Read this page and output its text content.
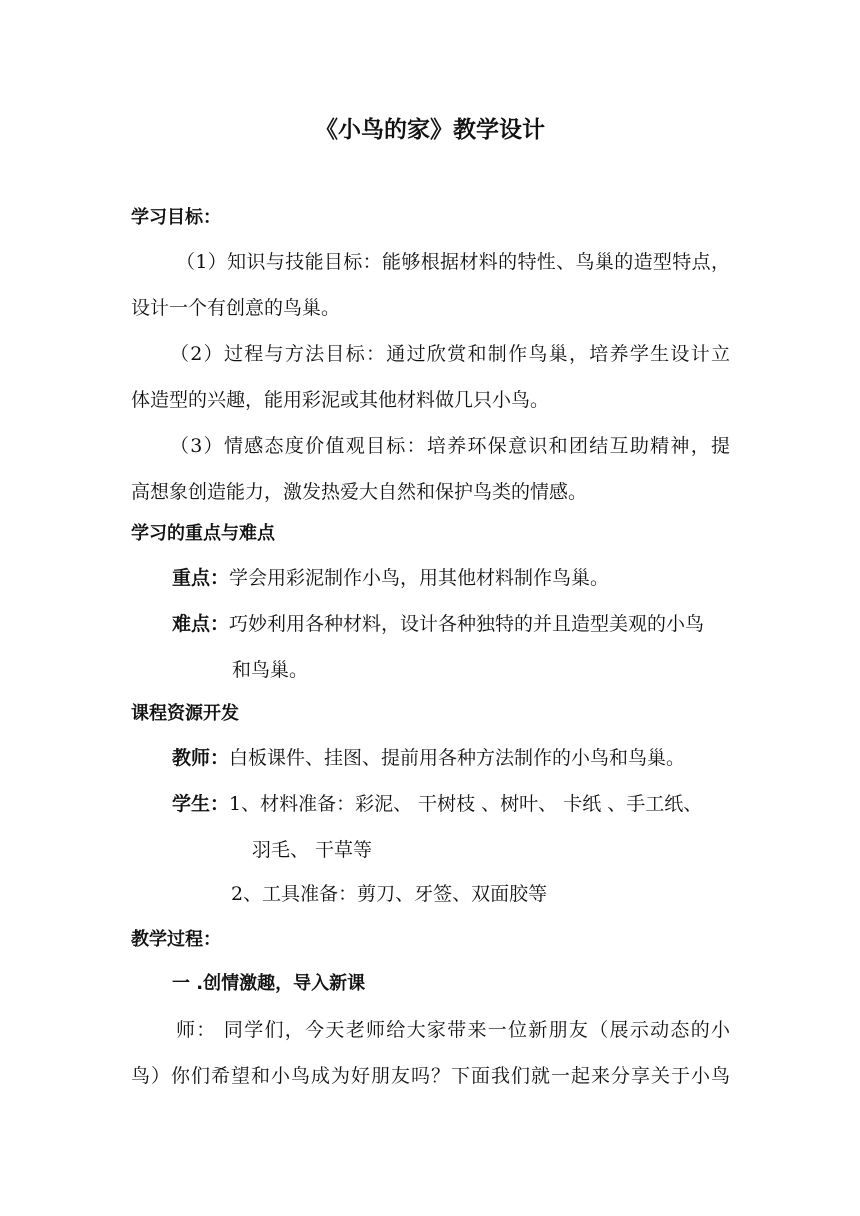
《小鸟的家》教学设计
学习目标：
（1）知识与技能目标：能够根据材料的特性、鸟巢的造型特点，
设计一个有创意的鸟巢。
（2）过程与方法目标：通过欣赏和制作鸟巢，培养学生设计立
体造型的兴趣，能用彩泥或其他材料做几只小鸟。
（3）情感态度价值观目标：培养环保意识和团结互助精神，提
高想象创造能力，激发热爱大自然和保护鸟类的情感。
学习的重点与难点
重点：学会用彩泥制作小鸟，用其他材料制作鸟巢。
难点：巧妙利用各种材料，设计各种独特的并且造型美观的小鸟
和鸟巢。
课程资源开发
教师：白板课件、挂图、提前用各种方法制作的小鸟和鸟巢。
学生：1、材料准备：彩泥、 干树枝 、树叶、 卡纸 、手工纸、
羽毛、 干草等
2、工具准备：剪刀、牙签、双面胶等
教学过程：
一 .创情激趣，导入新课
师： 同学们，今天老师给大家带来一位新朋友（展示动态的小
鸟）你们希望和小鸟成为好朋友吗？下面我们就一起来分享关于小鸟
